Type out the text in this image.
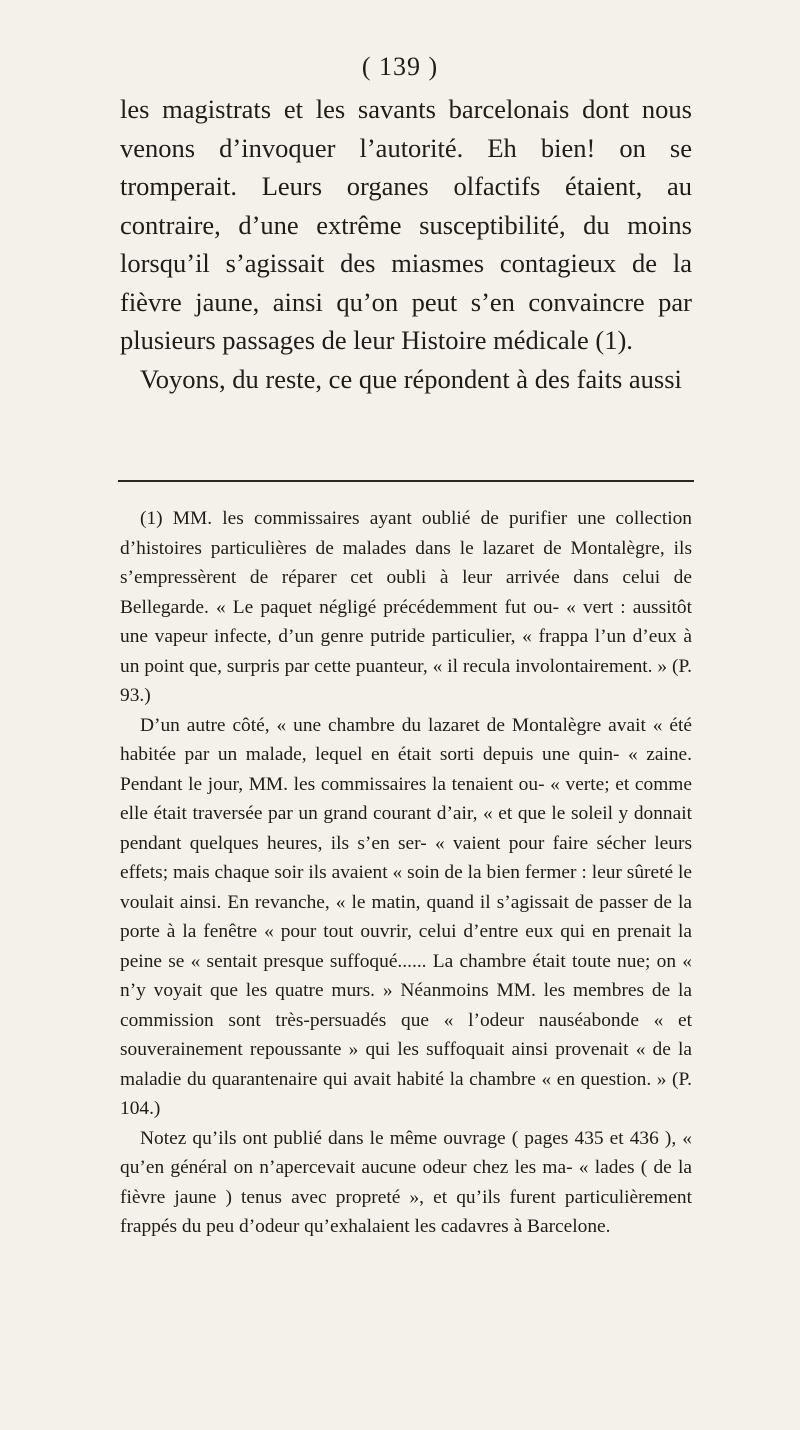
( 139 )

les magistrats et les savants barcelonais dont nous venons d’invoquer l’autorité. Eh bien! on se tromperait. Leurs organes olfactifs étaient, au contraire, d’une extrême susceptibilité, du moins lorsqu’il s’agissait des miasmes contagieux de la fièvre jaune, ainsi qu’on peut s’en convaincre par plusieurs passages de leur Histoire médicale (1).

Voyons, du reste, ce que répondent à des faits aussi

(1) MM. les commissaires ayant oublié de purifier une collection d’histoires particulières de malades dans le lazaret de Montalègre, ils s’empressèrent de réparer cet oubli à leur arrivée dans celui de Bellegarde. « Le paquet négligé précédemment fut ou- « vert : aussitôt une vapeur infecte, d’un genre putride particulier, « frappa l’un d’eux à un point que, surpris par cette puanteur, « il recula involontairement. » (P. 93.)

D’un autre côté, « une chambre du lazaret de Montalègre avait « été habitée par un malade, lequel en était sorti depuis une quin- « zaine. Pendant le jour, MM. les commissaires la tenaient ou- « verte; et comme elle était traversée par un grand courant d’air, « et que le soleil y donnait pendant quelques heures, ils s’en ser- « vaient pour faire sécher leurs effets; mais chaque soir ils avaient « soin de la bien fermer : leur sûreté le voulait ainsi. En revanche, « le matin, quand il s’agissait de passer de la porte à la fenêtre « pour tout ouvrir, celui d’entre eux qui en prenait la peine se « sentait presque suffoqué...... La chambre était toute nue; on « n’y voyait que les quatre murs. » Néanmoins MM. les membres de la commission sont très-persuadés que « l’odeur nauséabonde « et souverainement repoussante » qui les suffoquait ainsi provenait « de la maladie du quarantenaire qui avait habité la chambre « en question. » (P. 104.)

Notez qu’ils ont publié dans le même ouvrage ( pages 435 et 436 ), « qu’en général on n’apercevait aucune odeur chez les ma- « lades ( de la fièvre jaune ) tenus avec propreté », et qu’ils furent particulièrement frappés du peu d’odeur qu’exhalaient les cadavres à Barcelone.
